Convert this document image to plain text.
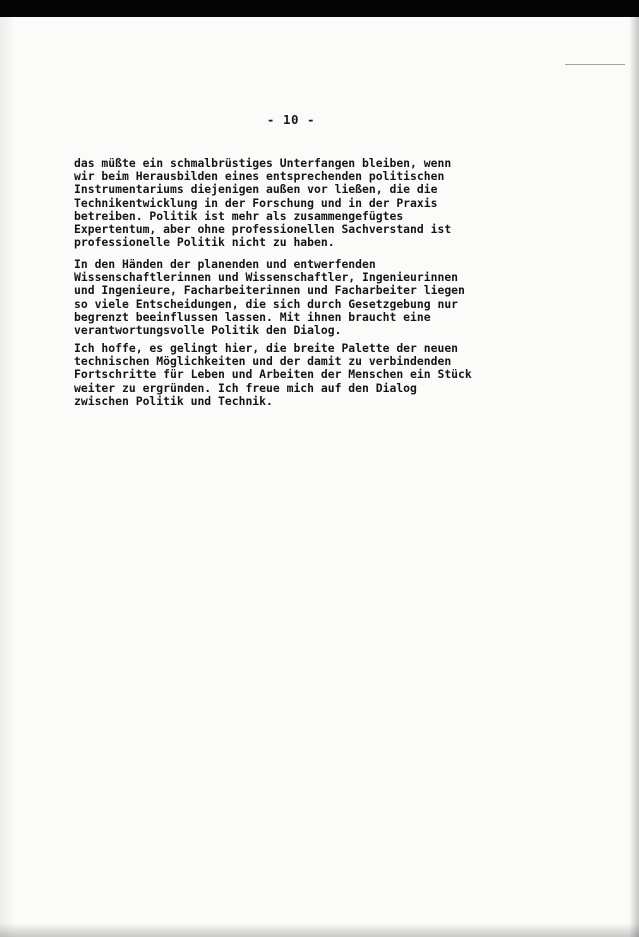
- 10 -
das müßte ein schmalbrüstiges Unterfangen bleiben, wenn
wir beim Herausbilden eines entsprechenden politischen
Instrumentariums diejenigen außen vor ließen, die die
Technikentwicklung in der Forschung und in der Praxis
betreiben. Politik ist mehr als zusammengefügtes
Expertentum, aber ohne professionellen Sachverstand ist
professionelle Politik nicht zu haben.
In den Händen der planenden und entwerfenden
Wissenschaftlerinnen und Wissenschaftler, Ingenieurinnen
und Ingenieure, Facharbeiterinnen und Facharbeiter liegen
so viele Entscheidungen, die sich durch Gesetzgebung nur
begrenzt beeinflussen lassen. Mit ihnen braucht eine
verantwortungsvolle Politik den Dialog.
Ich hoffe, es gelingt hier, die breite Palette der neuen
technischen Möglichkeiten und der damit zu verbindenden
Fortschritte für Leben und Arbeiten der Menschen ein Stück
weiter zu ergründen. Ich freue mich auf den Dialog
zwischen Politik und Technik.
